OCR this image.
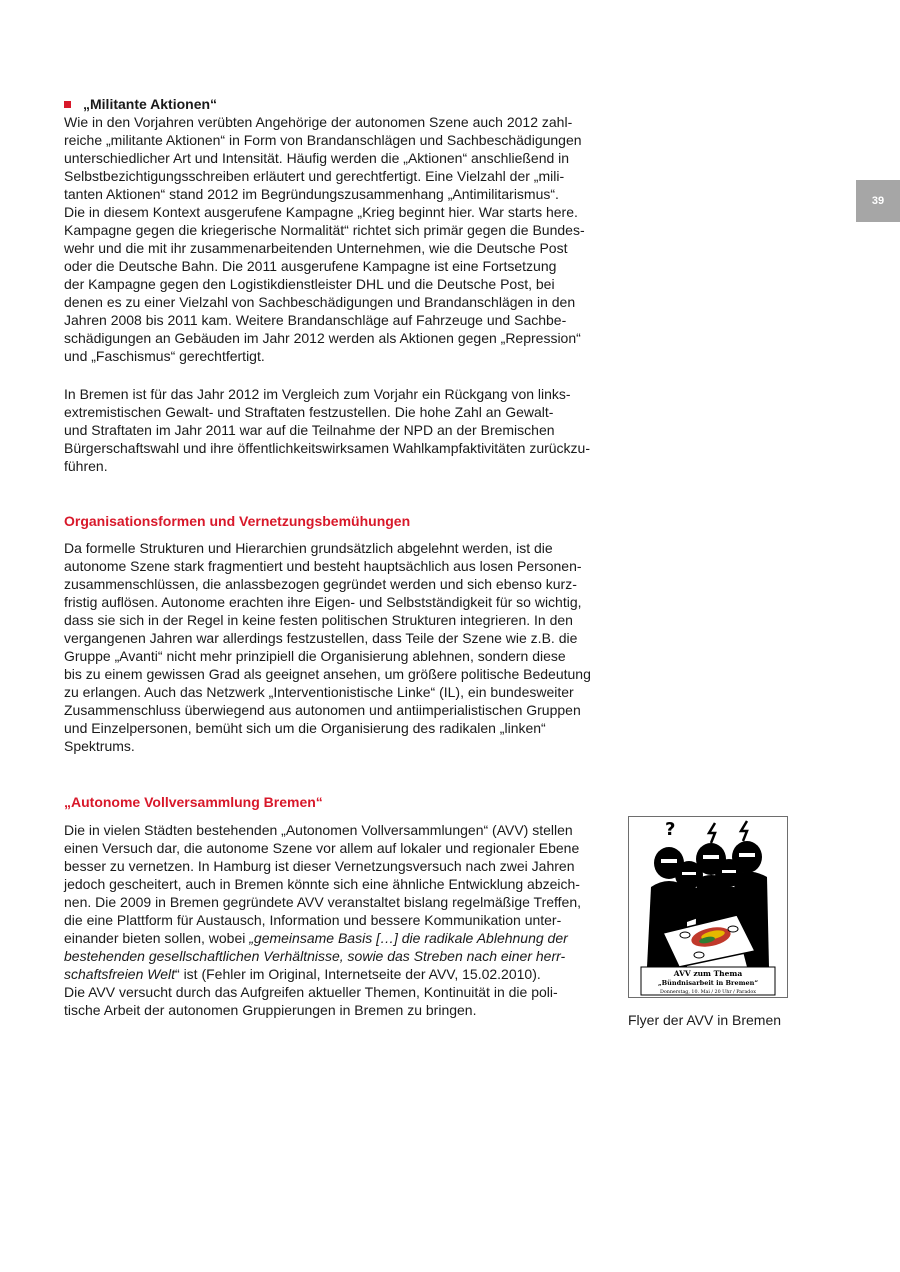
39
„Militante Aktionen“
Wie in den Vorjahren verübten Angehörige der autonomen Szene auch 2012 zahl-
reiche „militante Aktionen“ in Form von Brandanschlägen und Sachbeschädigungen
unterschiedlicher Art und Intensität. Häufig werden die „Aktionen“ anschließend in
Selbstbezichtigungsschreiben erläutert und gerechtfertigt. Eine Vielzahl der „mili-
tanten Aktionen“ stand 2012 im Begründungszusammenhang „Antimilitarismus“.
Die in diesem Kontext ausgerufene Kampagne „Krieg beginnt hier. War starts here.
Kampagne gegen die kriegerische Normalität“ richtet sich primär gegen die Bundes-
wehr und die mit ihr zusammenarbeitenden Unternehmen, wie die Deutsche Post
oder die Deutsche Bahn. Die 2011 ausgerufene Kampagne ist eine Fortsetzung
der Kampagne gegen den Logistikdienstleister DHL und die Deutsche Post, bei
denen es zu einer Vielzahl von Sachbeschädigungen und Brandanschlägen in den
Jahren 2008 bis 2011 kam. Weitere Brandanschläge auf Fahrzeuge und Sachbe-
schädigungen an Gebäuden im Jahr 2012 werden als Aktionen gegen „Repression“
und „Faschismus“ gerechtfertigt.
In Bremen ist für das Jahr 2012 im Vergleich zum Vorjahr ein Rückgang von links-
extremistischen Gewalt- und Straftaten festzustellen. Die hohe Zahl an Gewalt-
und Straftaten im Jahr 2011 war auf die Teilnahme der NPD an der Bremischen
Bürgerschaftswahl und ihre öffentlichkeitswirksamen Wahlkampfaktivitäten zurückzu-
führen.
Organisationsformen und Vernetzungsbemühungen
Da formelle Strukturen und Hierarchien grundsätzlich abgelehnt werden, ist die
autonome Szene stark fragmentiert und besteht hauptsächlich aus losen Personen-
zusammenschlüssen, die anlassbezogen gegründet werden und sich ebenso kurz-
fristig auflösen. Autonome erachten ihre Eigen- und Selbstständigkeit für so wichtig,
dass sie sich in der Regel in keine festen politischen Strukturen integrieren. In den
vergangenen Jahren war allerdings festzustellen, dass Teile der Szene wie z.B. die
Gruppe „Avanti“ nicht mehr prinzipiell die Organisierung ablehnen, sondern diese
bis zu einem gewissen Grad als geeignet ansehen, um größere politische Bedeutung
zu erlangen. Auch das Netzwerk „Interventionistische Linke“ (IL), ein bundesweiter
Zusammenschluss überwiegend aus autonomen und antiimperialistischen Gruppen
und Einzelpersonen, bemüht sich um die Organisierung des radikalen „linken“
Spektrums.
„Autonome Vollversammlung Bremen“
Die in vielen Städten bestehenden „Autonomen Vollversammlungen“ (AVV) stellen
einen Versuch dar, die autonome Szene vor allem auf lokaler und regionaler Ebene
besser zu vernetzen. In Hamburg ist dieser Vernetzungsversuch nach zwei Jahren
jedoch gescheitert, auch in Bremen könnte sich eine ähnliche Entwicklung abzeich-
nen. Die 2009 in Bremen gegründete AVV veranstaltet bislang regelmäßige Treffen,
die eine Plattform für Austausch, Information und bessere Kommunikation unter-
einander bieten sollen, wobei „gemeinsame Basis […] die radikale Ablehnung der
bestehenden gesellschaftlichen Verhältnisse, sowie das Streben nach einer herr-
schaftsfreien Welt“ ist (Fehler im Original, Internetseite der AVV, 15.02.2010).
Die AVV versucht durch das Aufgreifen aktueller Themen, Kontinuität in die poli-
tische Arbeit der autonomen Gruppierungen in Bremen zu bringen.
?
AVV zum Thema
„Bündnisarbeit in Bremen“
Donnerstag, 10. Mai / 20 Uhr / Paradox
Flyer der AVV in Bremen
